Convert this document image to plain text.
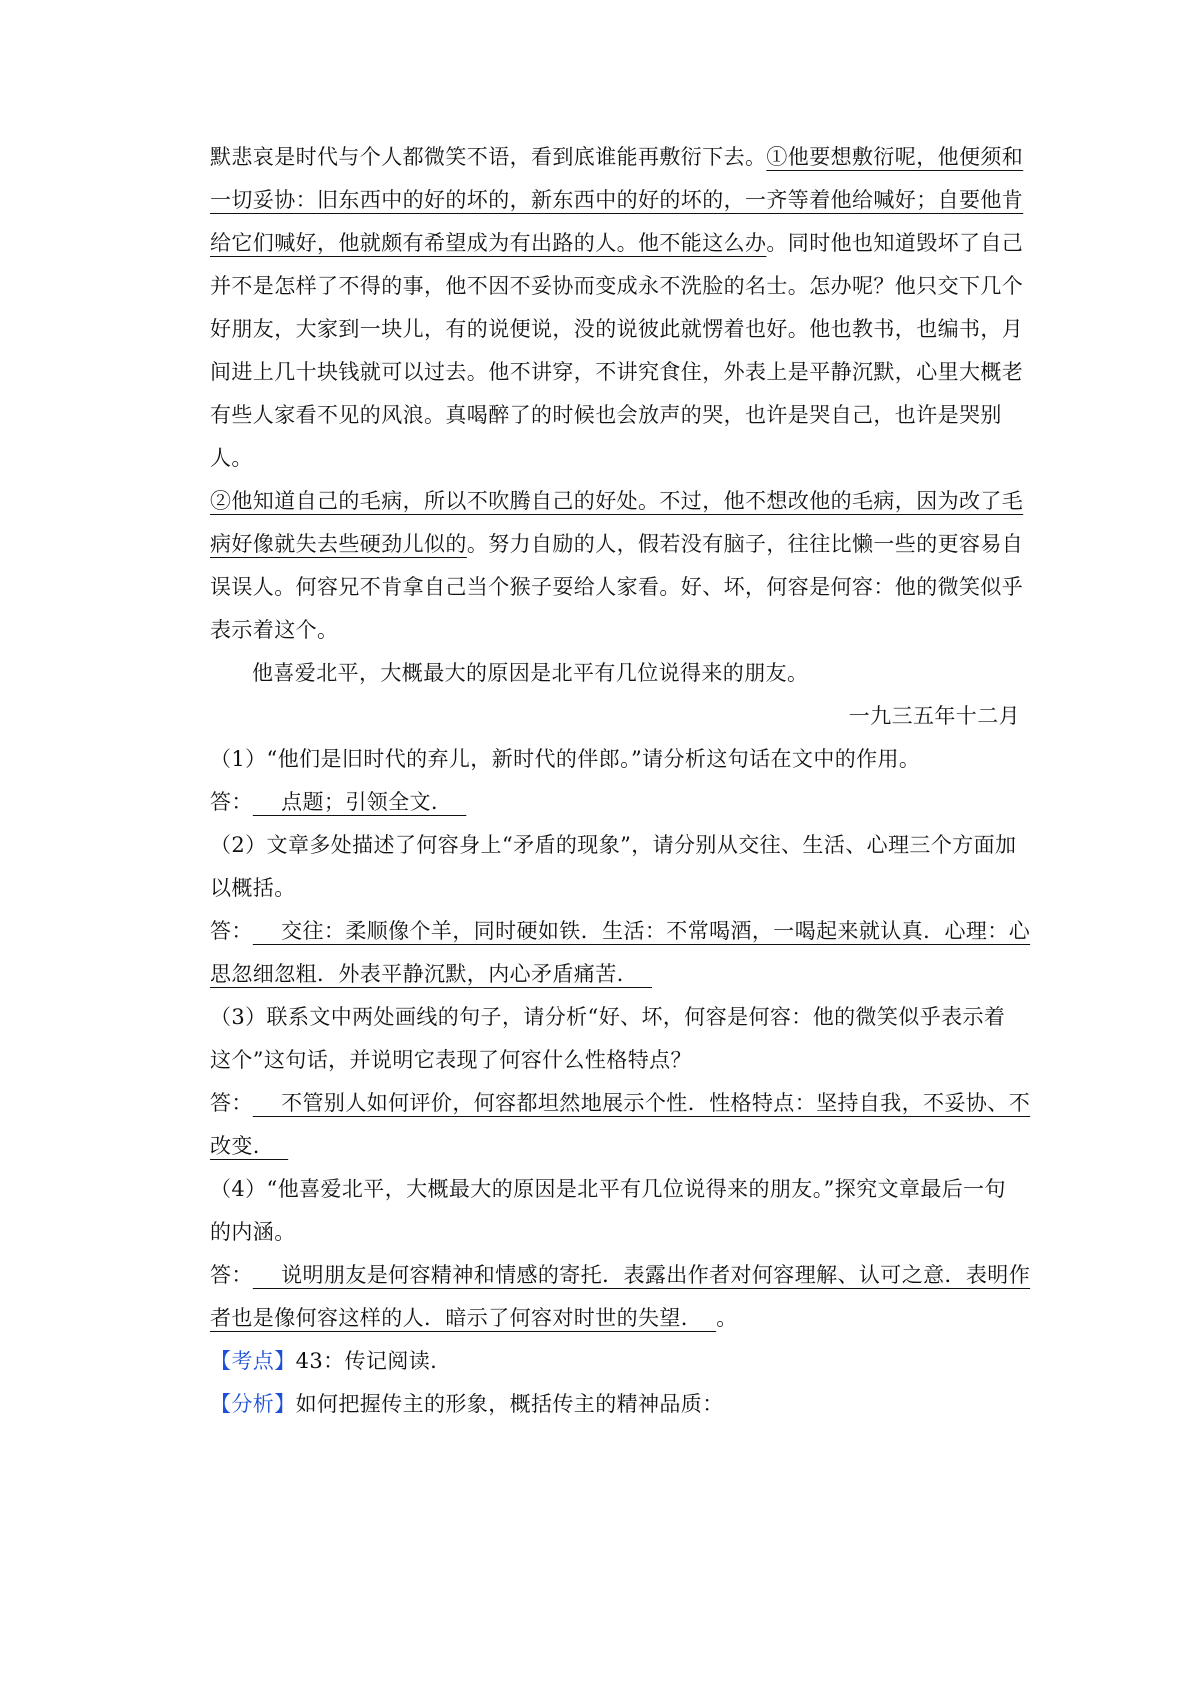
默悲哀是时代与个人都微笑不语，看到底谁能再敷衍下去。①他要想敷衍呢，他便须和
一切妥协：旧东西中的好的坏的，新东西中的好的坏的，一齐等着他给喊好；自要他肯
给它们喊好，他就颇有希望成为有出路的人。他不能这么办。同时他也知道毁坏了自己
并不是怎样了不得的事，他不因不妥协而变成永不洗脸的名士。怎办呢？他只交下几个
好朋友，大家到一块儿，有的说便说，没的说彼此就愣着也好。他也教书，也编书，月
间进上几十块钱就可以过去。他不讲穿，不讲究食住，外表上是平静沉默，心里大概老
有些人家看不见的风浪。真喝醉了的时候也会放声的哭，也许是哭自己，也许是哭别
人。
②他知道自己的毛病，所以不吹腾自己的好处。不过，他不想改他的毛病，因为改了毛
病好像就失去些硬劲儿似的。努力自励的人，假若没有脑子，往往比懒一些的更容易自
误误人。何容兄不肯拿自己当个猴子耍给人家看。好、坏，何容是何容：他的微笑似乎
表示着这个。
他喜爱北平，大概最大的原因是北平有几位说得来的朋友。
一九三五年十二月
（1）“他们是旧时代的弃儿，新时代的伴郎。”请分析这句话在文中的作用。
答：    点题；引领全文.
（2）文章多处描述了何容身上“矛盾的现象”，请分别从交往、生活、心理三个方面加
以概括。
答：    交往：柔顺像个羊，同时硬如铁．生活：不常喝酒，一喝起来就认真．心理：心
思忽细忽粗．外表平静沉默，内心矛盾痛苦.
（3）联系文中两处画线的句子，请分析“好、坏，何容是何容：他的微笑似乎表示着
这个”这句话，并说明它表现了何容什么性格特点？
答：    不管别人如何评价，何容都坦然地展示个性．性格特点：坚持自我，不妥协、不
改变.
（4）“他喜爱北平，大概最大的原因是北平有几位说得来的朋友。”探究文章最后一句
的内涵。
答：    说明朋友是何容精神和情感的寄托．表露出作者对何容理解、认可之意．表明作
者也是像何容这样的人．暗示了何容对时世的失望.    。
【考点】43：传记阅读.
【分析】如何把握传主的形象，概括传主的精神品质：
